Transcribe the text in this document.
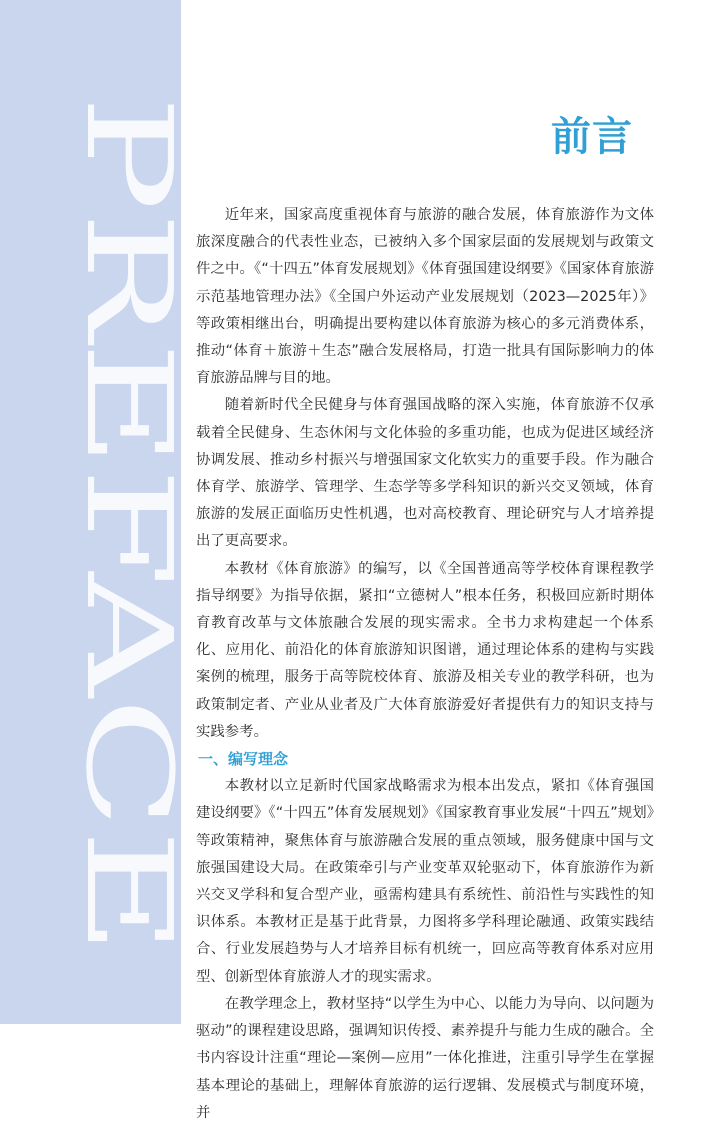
PREFACE	前言

近年来，国家高度重视体育与旅游的融合发展，体育旅游作为文体旅深度融合的代表性业态，已被纳入多个国家层面的发展规划与政策文件之中。《“十四五”体育发展规划》《体育强国建设纲要》《国家体育旅游示范基地管理办法》《全国户外运动产业发展规划（2023—2025年）》等政策相继出台，明确提出要构建以体育旅游为核心的多元消费体系，推动“体育＋旅游＋生态”融合发展格局，打造一批具有国际影响力的体育旅游品牌与目的地。

随着新时代全民健身与体育强国战略的深入实施，体育旅游不仅承载着全民健身、生态休闲与文化体验的多重功能，也成为促进区域经济协调发展、推动乡村振兴与增强国家文化软实力的重要手段。作为融合体育学、旅游学、管理学、生态学等多学科知识的新兴交叉领域，体育旅游的发展正面临历史性机遇，也对高校教育、理论研究与人才培养提出了更高要求。

本教材《体育旅游》的编写，以《全国普通高等学校体育课程教学指导纲要》为指导依据，紧扣“立德树人”根本任务，积极回应新时期体育教育改革与文体旅融合发展的现实需求。全书力求构建起一个体系化、应用化、前沿化的体育旅游知识图谱，通过理论体系的建构与实践案例的梳理，服务于高等院校体育、旅游及相关专业的教学科研，也为政策制定者、产业从业者及广大体育旅游爱好者提供有力的知识支持与实践参考。

一、编写理念

本教材以立足新时代国家战略需求为根本出发点，紧扣《体育强国建设纲要》《“十四五”体育发展规划》《国家教育事业发展“十四五”规划》等政策精神，聚焦体育与旅游融合发展的重点领域，服务健康中国与文旅强国建设大局。在政策牵引与产业变革双轮驱动下，体育旅游作为新兴交叉学科和复合型产业，亟需构建具有系统性、前沿性与实践性的知识体系。本教材正是基于此背景，力图将多学科理论融通、政策实践结合、行业发展趋势与人才培养目标有机统一，回应高等教育体系对应用型、创新型体育旅游人才的现实需求。

在教学理念上，教材坚持“以学生为中心、以能力为导向、以问题为驱动”的课程建设思路，强调知识传授、素养提升与能力生成的融合。全书内容设计注重“理论—案例—应用”一体化推进，注重引导学生在掌握基本理论的基础上，理解体育旅游的运行逻辑、发展模式与制度环境，并
